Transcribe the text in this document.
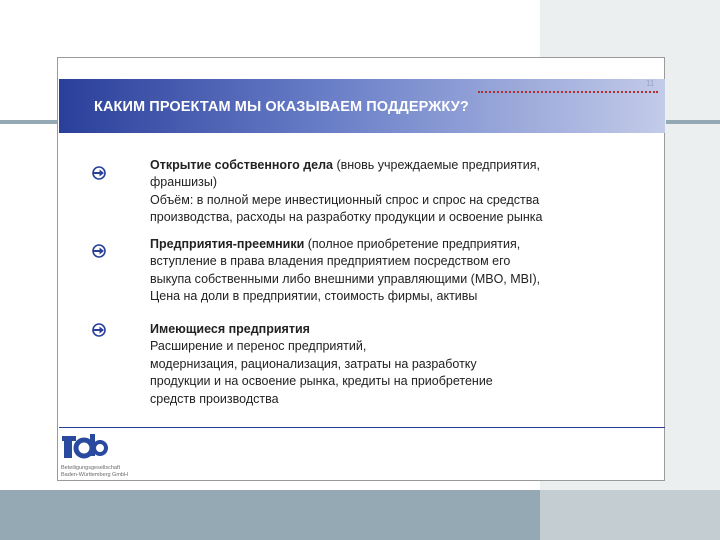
11
КАКИМ ПРОЕКТАМ МЫ ОКАЗЫВАЕМ ПОДДЕРЖКУ?
Открытие собственного дела (вновь учреждаемые предприятия,
франшизы)
Объём: в полной мере инвестиционный спрос и спрос на средства
производства, расходы на разработку продукции и освоение рынка
Предприятия-преемники (полное приобретение предприятия,
вступление в права владения предприятием посредством его
выкупа собственными либо внешними управляющими (MBO, MBI),
Цена на доли в предприятии, стоимость фирмы, активы
Имеющиеся предприятия
Расширение и перенос предприятий,
модернизация, рационализация, затраты на разработку
продукции и на освоение рынка, кредиты на приобретение
средств производства
Beteiligungsgesellschaft
Baden-Württemberg GmbH
